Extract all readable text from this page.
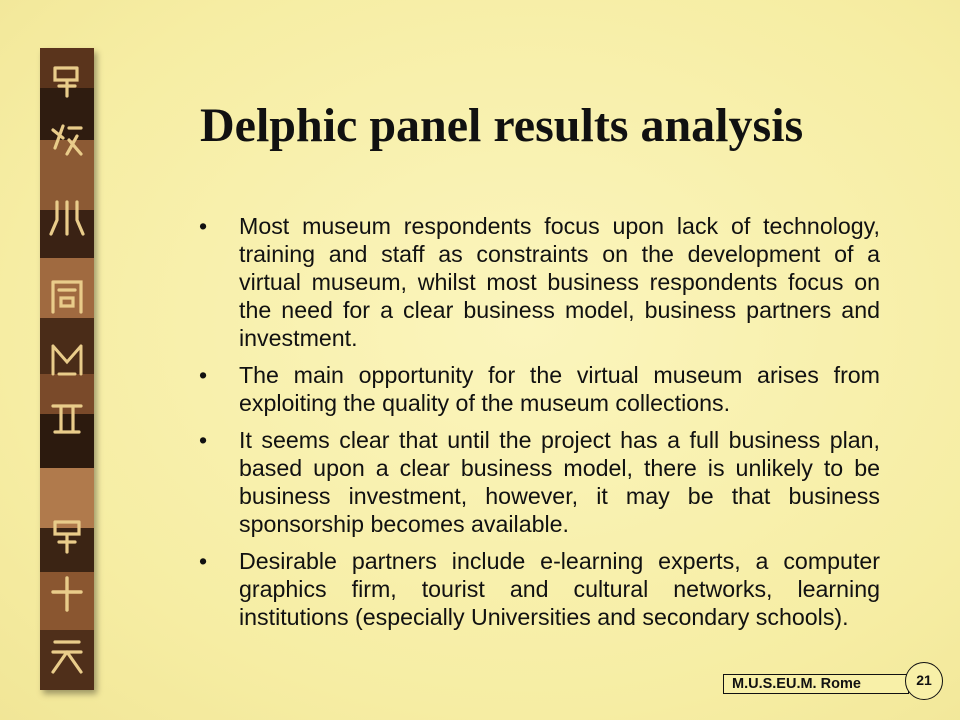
Delphic panel results analysis
•	Most museum respondents focus upon lack of technology, training and staff as constraints on the development of a virtual museum, whilst most business respondents focus on the need for a clear business model, business partners and investment.
•	The main opportunity for the virtual museum arises from exploiting the quality of the museum collections.
•	It seems clear that until the project has a full business plan, based upon a clear business model, there is unlikely to be business investment, however, it may be that business sponsorship becomes available.
•	Desirable partners include e-learning experts, a computer graphics firm, tourist and cultural networks, learning institutions (especially Universities and secondary schools).
M.U.S.EU.M. Rome	21
